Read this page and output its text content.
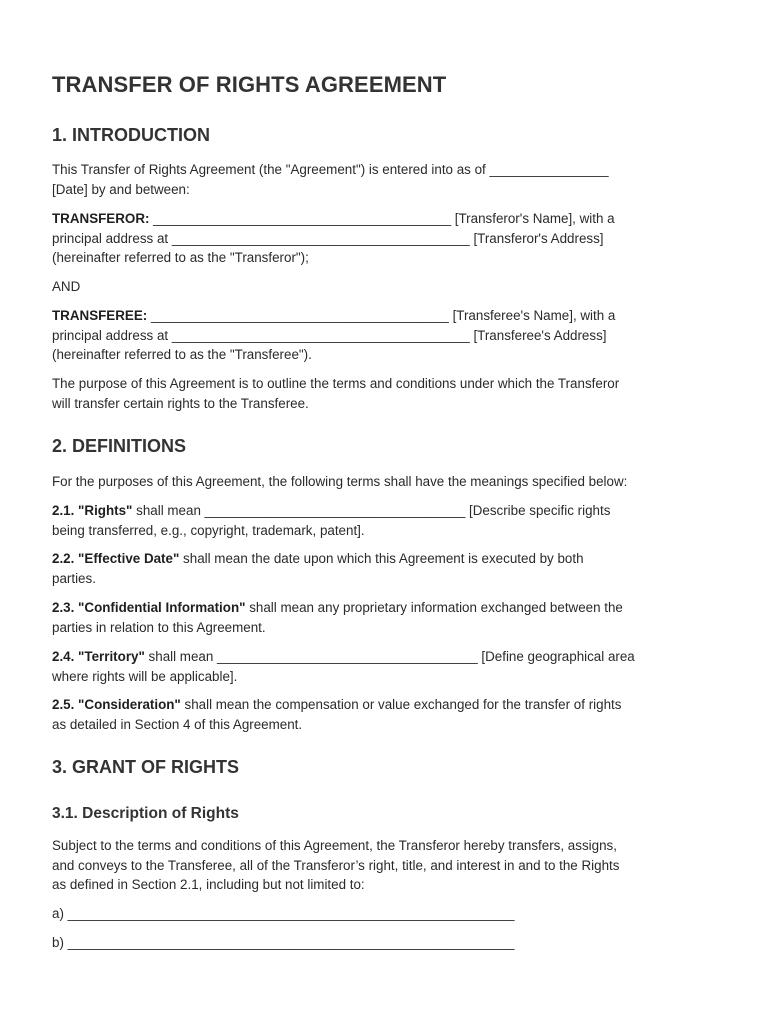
TRANSFER OF RIGHTS AGREEMENT
1. INTRODUCTION

This Transfer of Rights Agreement (the "Agreement") is entered into as of ________________
[Date] by and between:

TRANSFEROR: ________________________________________ [Transferor's Name], with a
principal address at ________________________________________ [Transferor's Address]
(hereinafter referred to as the "Transferor");

AND

TRANSFEREE: ________________________________________ [Transferee's Name], with a
principal address at ________________________________________ [Transferee's Address]
(hereinafter referred to as the "Transferee").

The purpose of this Agreement is to outline the terms and conditions under which the Transferor
will transfer certain rights to the Transferee.

2. DEFINITIONS

For the purposes of this Agreement, the following terms shall have the meanings specified below:

2.1. "Rights" shall mean ___________________________________ [Describe specific rights
being transferred, e.g., copyright, trademark, patent].

2.2. "Effective Date" shall mean the date upon which this Agreement is executed by both
parties.

2.3. "Confidential Information" shall mean any proprietary information exchanged between the
parties in relation to this Agreement.

2.4. "Territory" shall mean ___________________________________ [Define geographical area
where rights will be applicable].

2.5. "Consideration" shall mean the compensation or value exchanged for the transfer of rights
as detailed in Section 4 of this Agreement.

3. GRANT OF RIGHTS
3.1. Description of Rights

Subject to the terms and conditions of this Agreement, the Transferor hereby transfers, assigns,
and conveys to the Transferee, all of the Transferor’s right, title, and interest in and to the Rights
as defined in Section 2.1, including but not limited to:

a) ____________________________________________________________

b) ____________________________________________________________
